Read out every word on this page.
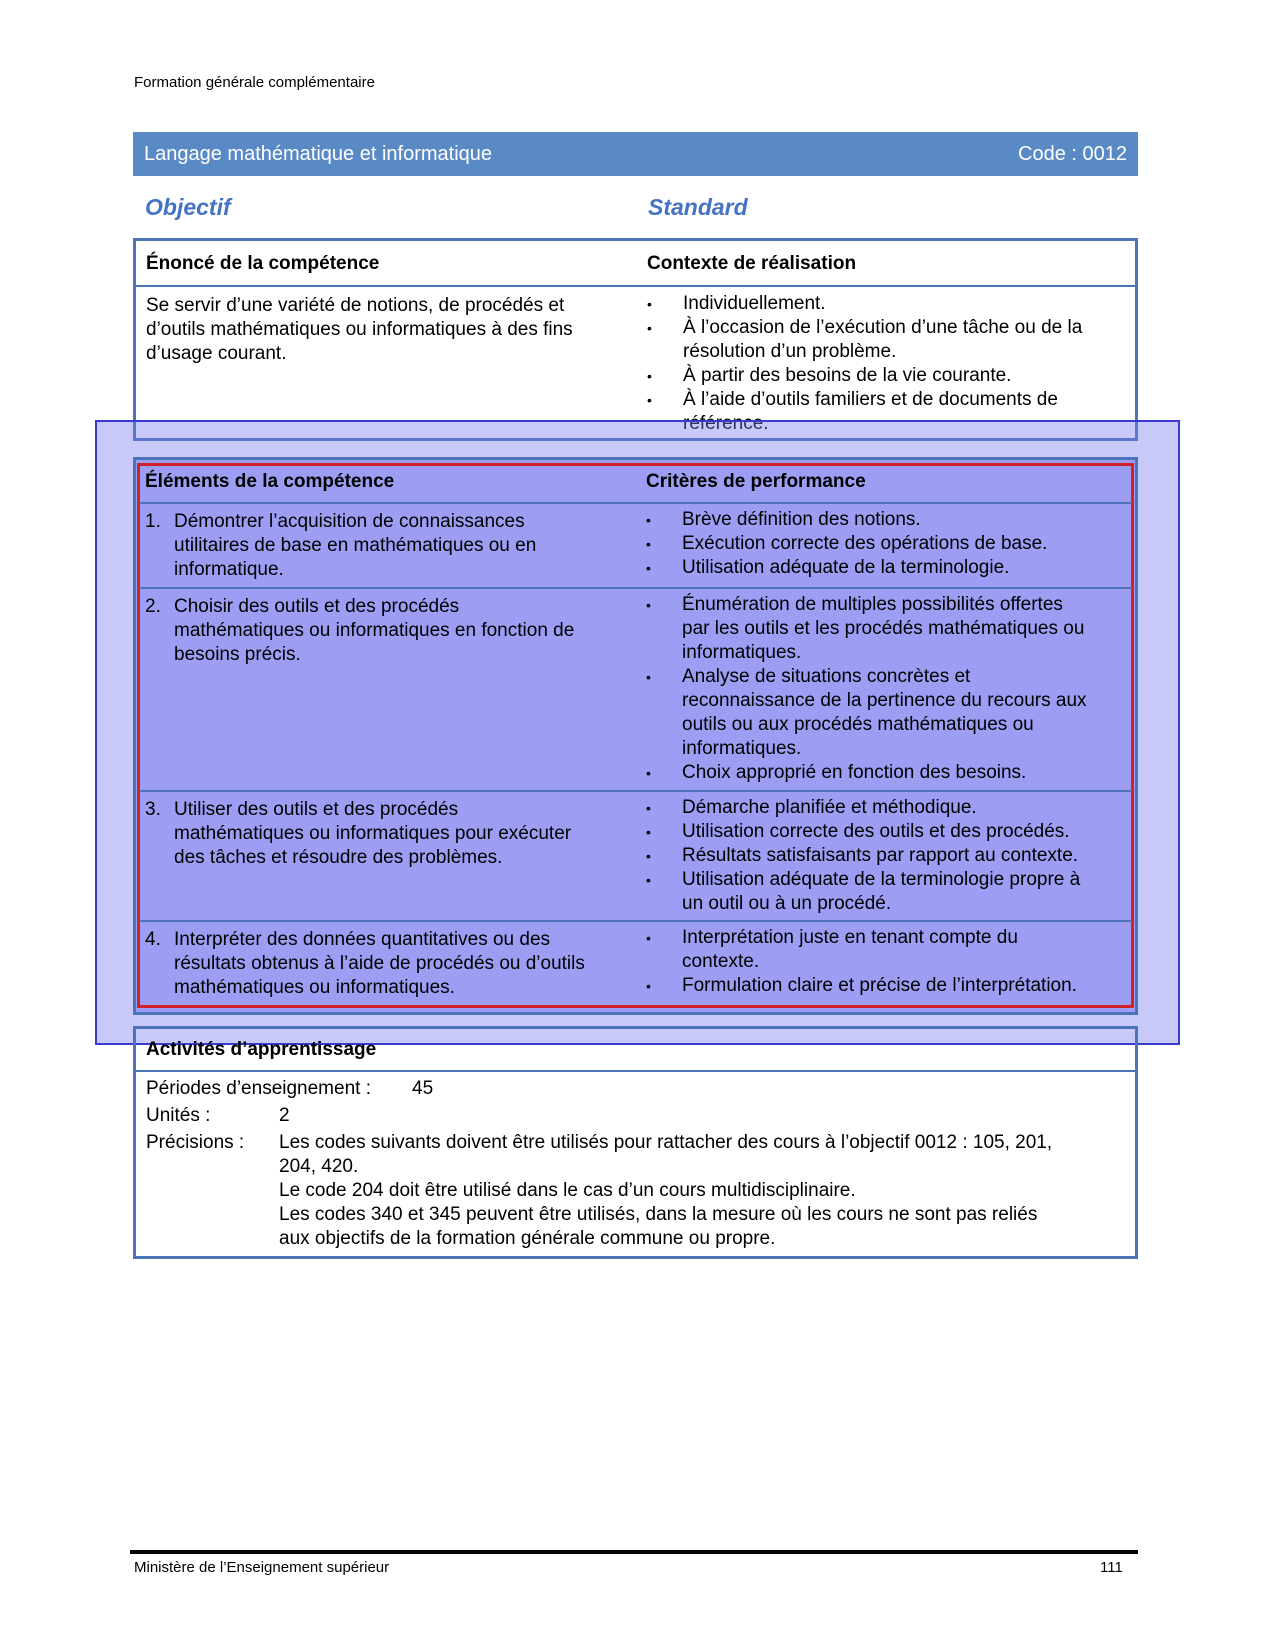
Formation générale complémentaire
Langage mathématique et informatique	Code : 0012
Objectif	Standard
Énoncé de la compétence	Contexte de réalisation
Se servir d’une variété de notions, de procédés et
d’outils mathématiques ou informatiques à des fins
d’usage courant.
•	Individuellement.
•	À l’occasion de l’exécution d’une tâche ou de la
résolution d’un problème.
•	À partir des besoins de la vie courante.
•	À l’aide d’outils familiers et de documents de
référence.
Éléments de la compétence	Critères de performance
1. Démontrer l’acquisition de connaissances
utilitaires de base en mathématiques ou en
informatique.
•	Brève définition des notions.
•	Exécution correcte des opérations de base.
•	Utilisation adéquate de la terminologie.
2. Choisir des outils et des procédés
mathématiques ou informatiques en fonction de
besoins précis.
•	Énumération de multiples possibilités offertes
par les outils et les procédés mathématiques ou
informatiques.
•	Analyse de situations concrètes et
reconnaissance de la pertinence du recours aux
outils ou aux procédés mathématiques ou
informatiques.
•	Choix approprié en fonction des besoins.
3. Utiliser des outils et des procédés
mathématiques ou informatiques pour exécuter
des tâches et résoudre des problèmes.
•	Démarche planifiée et méthodique.
•	Utilisation correcte des outils et des procédés.
•	Résultats satisfaisants par rapport au contexte.
•	Utilisation adéquate de la terminologie propre à
un outil ou à un procédé.
4. Interpréter des données quantitatives ou des
résultats obtenus à l’aide de procédés ou d’outils
mathématiques ou informatiques.
•	Interprétation juste en tenant compte du
contexte.
•	Formulation claire et précise de l’interprétation.
Activités d’apprentissage
Périodes d’enseignement : 45
Unités :	2
Précisions : Les codes suivants doivent être utilisés pour rattacher des cours à l’objectif 0012 : 105, 201,
204, 420.
Le code 204 doit être utilisé dans le cas d’un cours multidisciplinaire.
Les codes 340 et 345 peuvent être utilisés, dans la mesure où les cours ne sont pas reliés
aux objectifs de la formation générale commune ou propre.
Ministère de l’Enseignement supérieur	111
